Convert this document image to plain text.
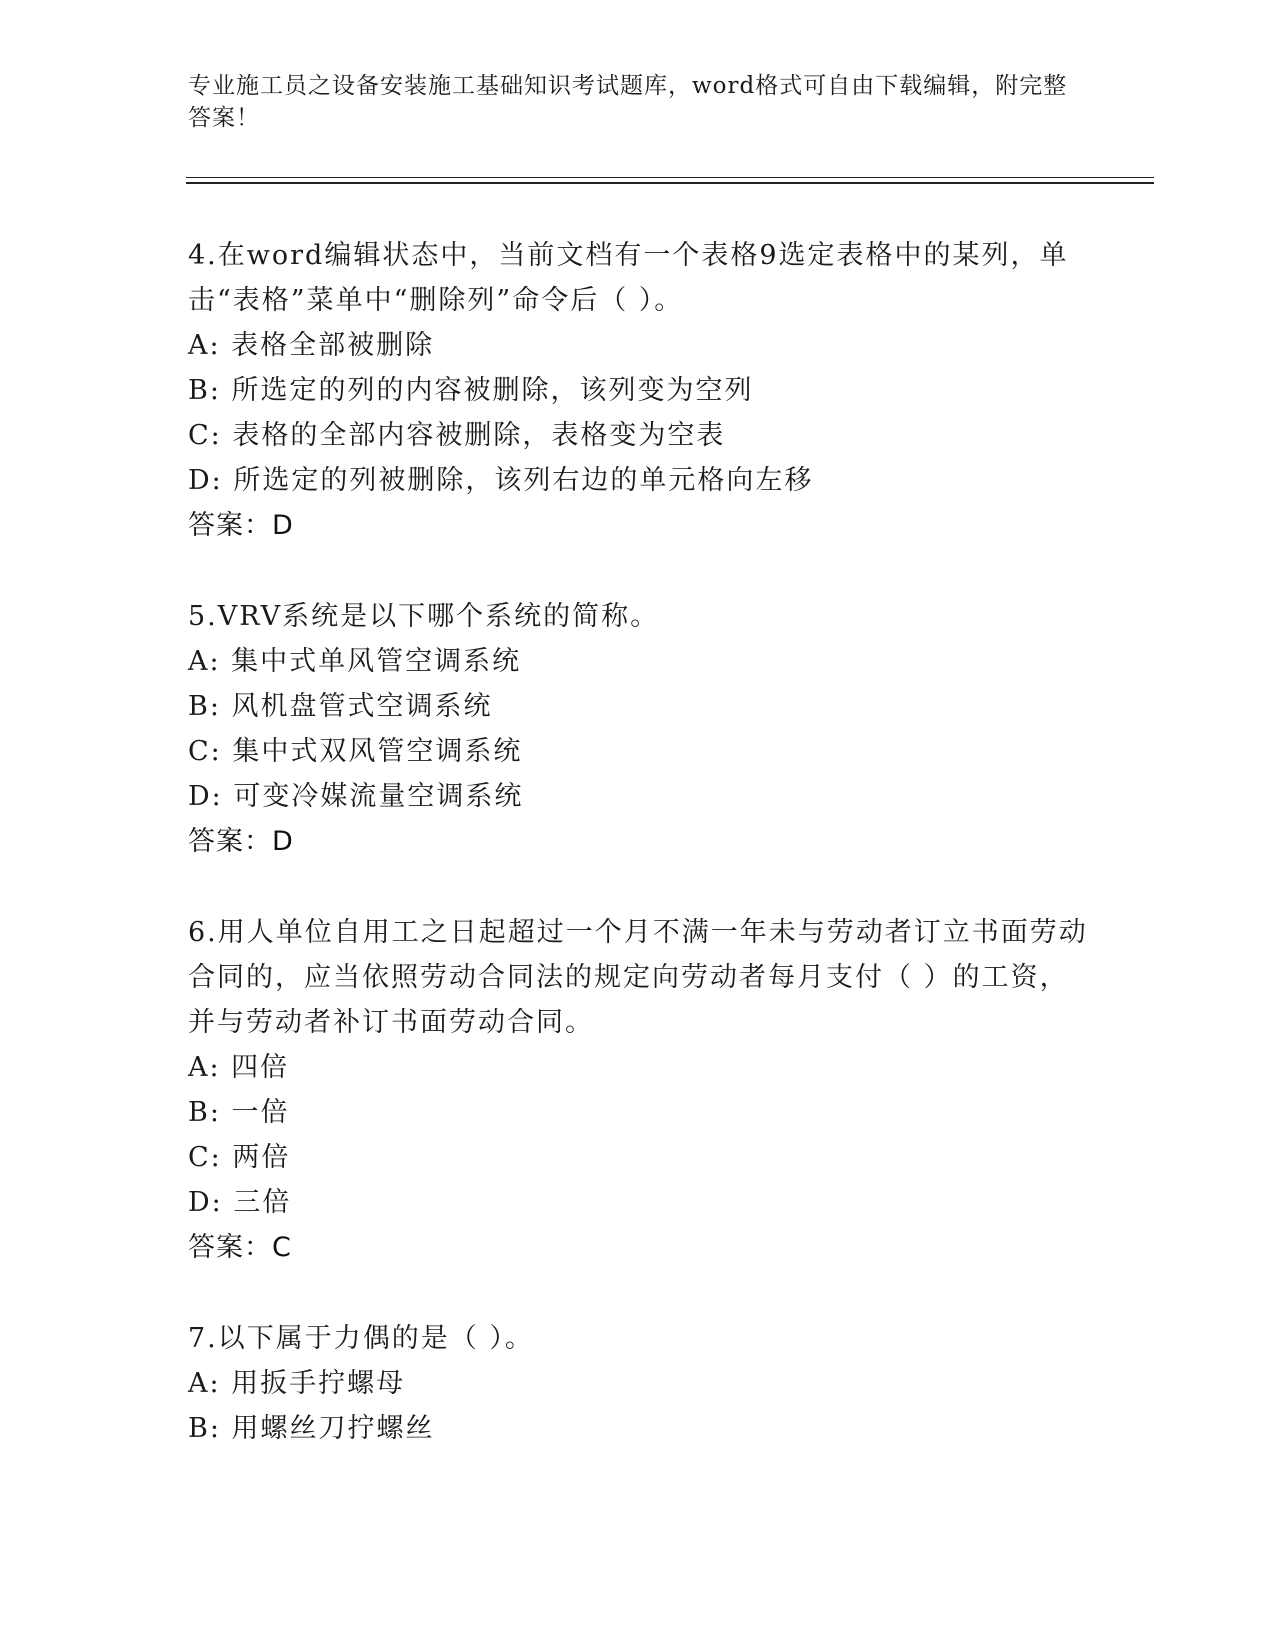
专业施工员之设备安装施工基础知识考试题库，word格式可自由下载编辑，附完整答案！

4.在word编辑状态中，当前文档有一个表格9选定表格中的某列，单击“表格”菜单中“删除列”命令后（ ）。

A: 表格全部被删除
B: 所选定的列的内容被删除，该列变为空列
C: 表格的全部内容被删除，表格变为空表
D: 所选定的列被删除，该列右边的单元格向左移
答案：D

5.VRV系统是以下哪个系统的简称。

A: 集中式单风管空调系统
B: 风机盘管式空调系统
C: 集中式双风管空调系统
D: 可变冷媒流量空调系统
答案：D

6.用人单位自用工之日起超过一个月不满一年未与劳动者订立书面劳动合同的，应当依照劳动合同法的规定向劳动者每月支付（ ）的工资，并与劳动者补订书面劳动合同。

A: 四倍
B: 一倍
C: 两倍
D: 三倍
答案：C

7.以下属于力偶的是（ ）。

A: 用扳手拧螺母
B: 用螺丝刀拧螺丝
